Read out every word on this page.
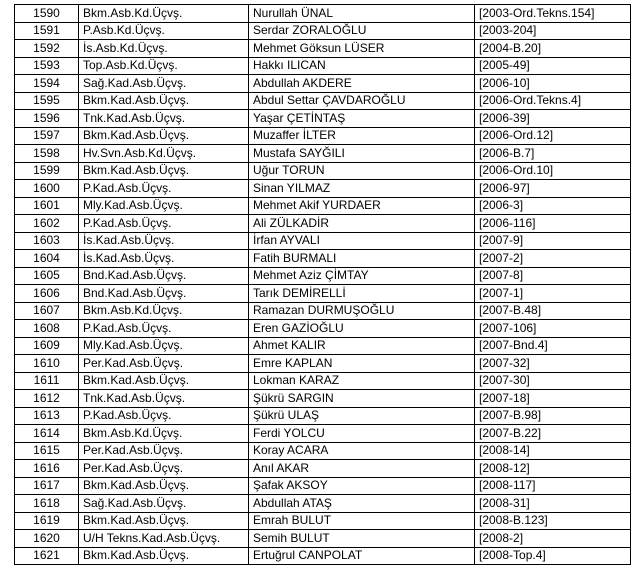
1590	Bkm.Asb.Kd.Üçvş.	Nurullah ÜNAL	[2003-Ord.Tekns.154]
1591	P.Asb.Kd.Üçvş.	Serdar ZORALOĞLU	[2003-204]
1592	İs.Asb.Kd.Üçvş.	Mehmet Göksun LÜSER	[2004-B.20]
1593	Top.Asb.Kd.Üçvş.	Hakkı ILICAN	[2005-49]
1594	Sağ.Kad.Asb.Üçvş.	Abdullah AKDERE	[2006-10]
1595	Bkm.Kad.Asb.Üçvş.	Abdul Settar ÇAVDAROĞLU	[2006-Ord.Tekns.4]
1596	Tnk.Kad.Asb.Üçvş.	Yaşar ÇETİNTAŞ	[2006-39]
1597	Bkm.Kad.Asb.Üçvş.	Muzaffer İLTER	[2006-Ord.12]
1598	Hv.Svn.Asb.Kd.Üçvş.	Mustafa SAYĞILI	[2006-B.7]
1599	Bkm.Kad.Asb.Üçvş.	Uğur TORUN	[2006-Ord.10]
1600	P.Kad.Asb.Üçvş.	Sinan YILMAZ	[2006-97]
1601	Mly.Kad.Asb.Üçvş.	Mehmet Akif YURDAER	[2006-3]
1602	P.Kad.Asb.Üçvş.	Ali ZÜLKADİR	[2006-116]
1603	İs.Kad.Asb.Üçvş.	İrfan AYVALI	[2007-9]
1604	İs.Kad.Asb.Üçvş.	Fatih BURMALI	[2007-2]
1605	Bnd.Kad.Asb.Üçvş.	Mehmet Aziz ÇİMTAY	[2007-8]
1606	Bnd.Kad.Asb.Üçvş.	Tarık DEMİRELLİ	[2007-1]
1607	Bkm.Asb.Kd.Üçvş.	Ramazan DURMUŞOĞLU	[2007-B.48]
1608	P.Kad.Asb.Üçvş.	Eren GAZİOĞLU	[2007-106]
1609	Mly.Kad.Asb.Üçvş.	Ahmet KALIR	[2007-Bnd.4]
1610	Per.Kad.Asb.Üçvş.	Emre KAPLAN	[2007-32]
1611	Bkm.Kad.Asb.Üçvş.	Lokman KARAZ	[2007-30]
1612	Tnk.Kad.Asb.Üçvş.	Şükrü SARGIN	[2007-18]
1613	P.Kad.Asb.Üçvş.	Şükrü ULAŞ	[2007-B.98]
1614	Bkm.Asb.Kd.Üçvş.	Ferdi YOLCU	[2007-B.22]
1615	Per.Kad.Asb.Üçvş.	Koray ACARA	[2008-14]
1616	Per.Kad.Asb.Üçvş.	Anıl AKAR	[2008-12]
1617	Bkm.Kad.Asb.Üçvş.	Şafak AKSOY	[2008-117]
1618	Sağ.Kad.Asb.Üçvş.	Abdullah ATAŞ	[2008-31]
1619	Bkm.Kad.Asb.Üçvş.	Emrah BULUT	[2008-B.123]
1620	U/H Tekns.Kad.Asb.Üçvş.	Semih BULUT	[2008-2]
1621	Bkm.Kad.Asb.Üçvş.	Ertuğrul CANPOLAT	[2008-Top.4]
